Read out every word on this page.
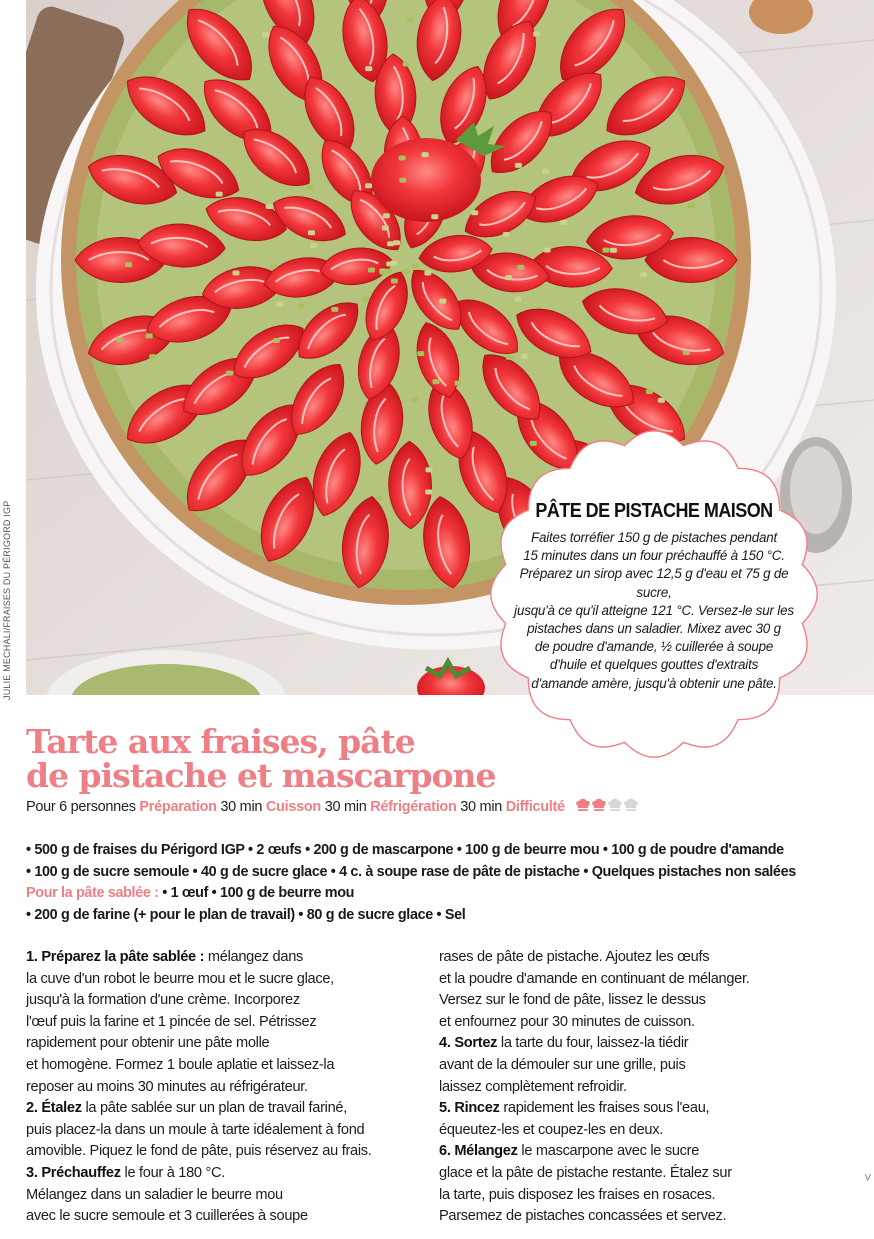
JULIE MECHALI/FRAISES DU PÉRIGORD IGP	PÂTE DE PISTACHE MAISON
Faites torréfier 150 g de pistaches pendant
15 minutes dans un four préchauffé à 150 °C.
Préparez un sirop avec 12,5 g d'eau et 75 g de sucre,
jusqu'à ce qu'il atteigne 121 °C. Versez-le sur les
pistaches dans un saladier. Mixez avec 30 g
de poudre d'amande, ½ cuillerée à soupe
d'huile et quelques gouttes d'extraits
d'amande amère, jusqu'à obtenir une pâte.
Tarte aux fraises, pâte
de pistache et mascarpone
Pour 6 personnes Préparation 30 min Cuisson 30 min Réfrigération 30 min Difficulté
• 500 g de fraises du Périgord IGP • 2 œufs • 200 g de mascarpone • 100 g de beurre mou • 100 g de poudre d'amande
• 100 g de sucre semoule • 40 g de sucre glace • 4 c. à soupe rase de pâte de pistache • Quelques pistaches non salées
Pour la pâte sablée : • 1 œuf • 100 g de beurre mou
• 200 g de farine (+ pour le plan de travail) • 80 g de sucre glace • Sel
1. Préparez la pâte sablée : mélangez dans
la cuve d'un robot le beurre mou et le sucre glace,
jusqu'à la formation d'une crème. Incorporez
l'œuf puis la farine et 1 pincée de sel. Pétrissez
rapidement pour obtenir une pâte molle
et homogène. Formez 1 boule aplatie et laissez-la
reposer au moins 30 minutes au réfrigérateur.
2. Étalez la pâte sablée sur un plan de travail fariné,
puis placez-la dans un moule à tarte idéalement à fond
amovible. Piquez le fond de pâte, puis réservez au frais.
3. Préchauffez le four à 180 °C.
Mélangez dans un saladier le beurre mou
avec le sucre semoule et 3 cuillerées à soupe
rases de pâte de pistache. Ajoutez les œufs
et la poudre d'amande en continuant de mélanger.
Versez sur le fond de pâte, lissez le dessus
et enfournez pour 30 minutes de cuisson.
4. Sortez la tarte du four, laissez-la tiédir
avant de la démouler sur une grille, puis
laissez complètement refroidir.
5. Rincez rapidement les fraises sous l'eau,
équeutez-les et coupez-les en deux.
6. Mélangez le mascarpone avec le sucre
glace et la pâte de pistache restante. Étalez sur
la tarte, puis disposez les fraises en rosaces.
Parsemez de pistaches concassées et servez.
˅
